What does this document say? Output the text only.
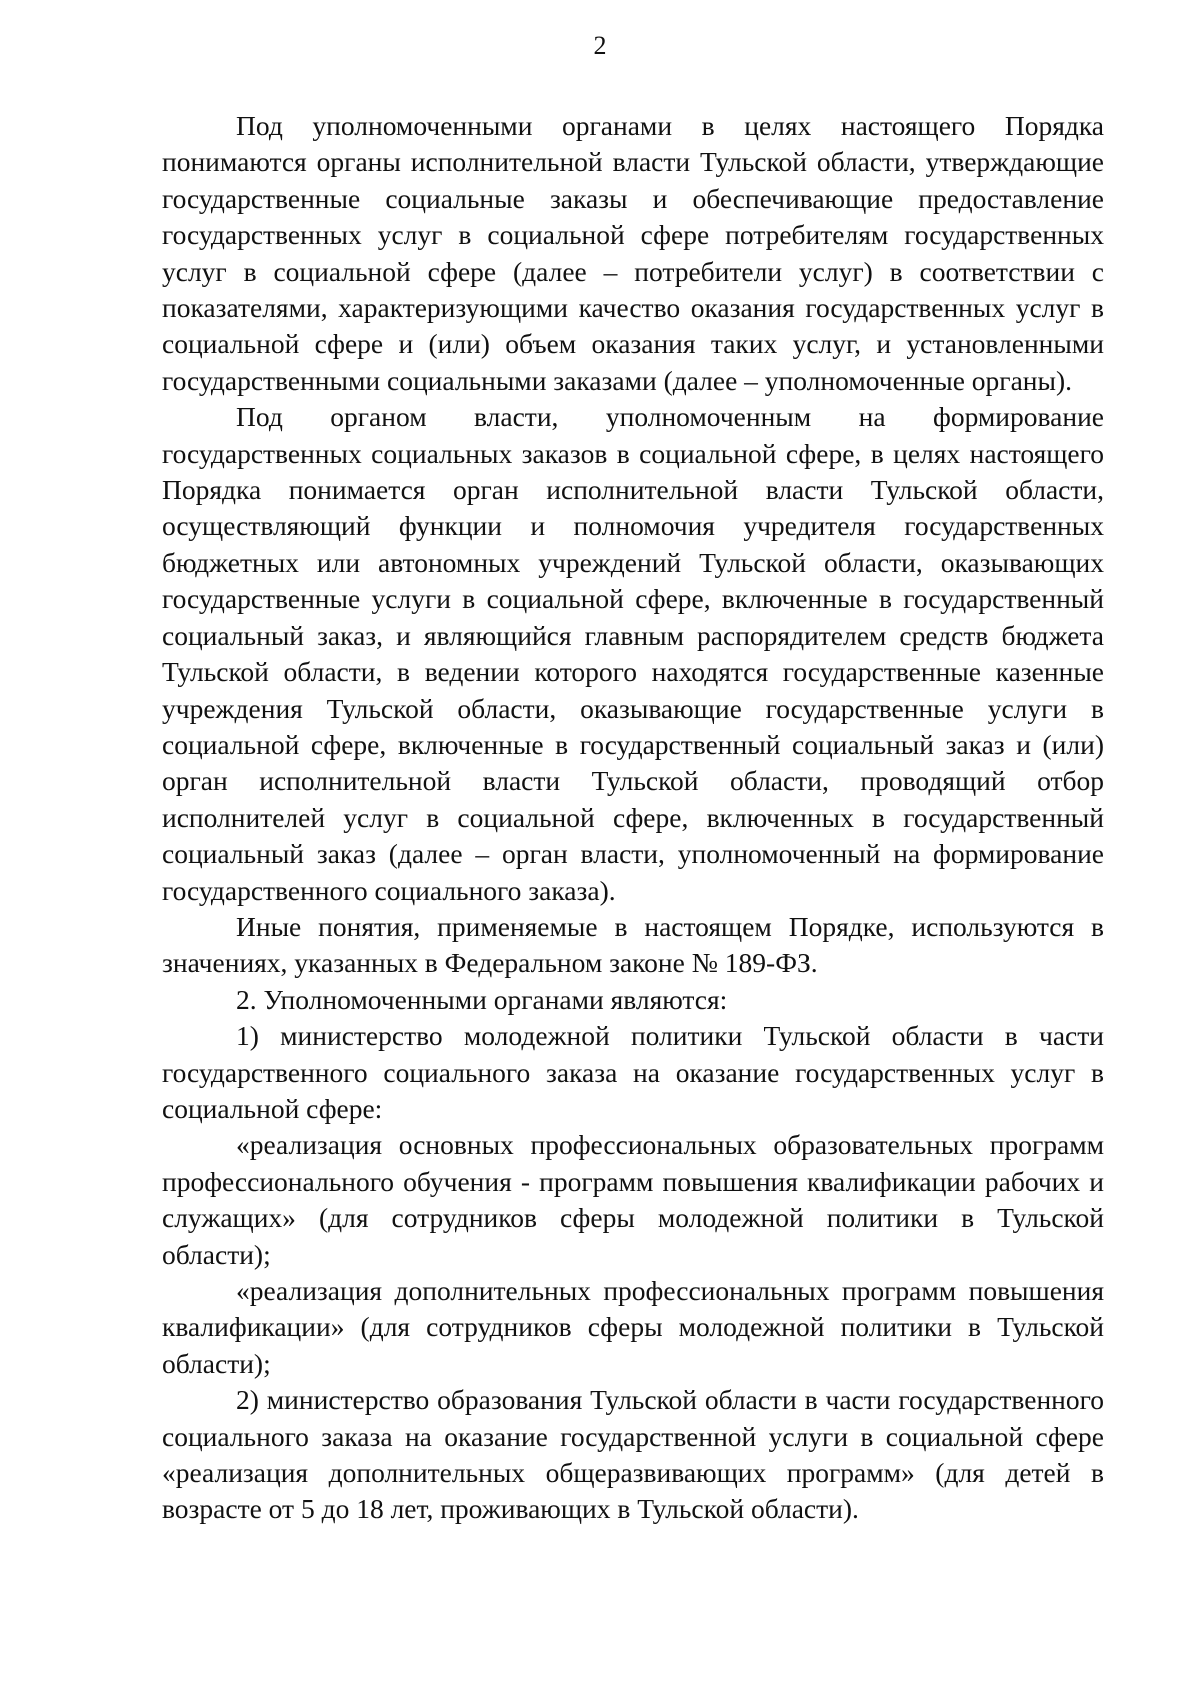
2

Под уполномоченными органами в целях настоящего Порядка понимаются органы исполнительной власти Тульской области, утверждающие государственные социальные заказы и обеспечивающие предоставление государственных услуг в социальной сфере потребителям государственных услуг в социальной сфере (далее – потребители услуг) в соответствии с показателями, характеризующими качество оказания государственных услуг в социальной сфере и (или) объем оказания таких услуг, и установленными государственными социальными заказами (далее – уполномоченные органы).

Под органом власти, уполномоченным на формирование государственных социальных заказов в социальной сфере, в целях настоящего Порядка понимается орган исполнительной власти Тульской области, осуществляющий функции и полномочия учредителя государственных бюджетных или автономных учреждений Тульской области, оказывающих государственные услуги в социальной сфере, включенные в государственный социальный заказ, и являющийся главным распорядителем средств бюджета Тульской области, в ведении которого находятся государственные казенные учреждения Тульской области, оказывающие государственные услуги в социальной сфере, включенные в государственный социальный заказ и (или) орган исполнительной власти Тульской области, проводящий отбор исполнителей услуг в социальной сфере, включенных в государственный социальный заказ (далее – орган власти, уполномоченный на формирование государственного социального заказа).

Иные понятия, применяемые в настоящем Порядке, используются в значениях, указанных в Федеральном законе № 189-ФЗ.

2. Уполномоченными органами являются:

1) министерство молодежной политики Тульской области в части государственного социального заказа на оказание государственных услуг в социальной сфере:

«реализация основных профессиональных образовательных программ профессионального обучения - программ повышения квалификации рабочих и служащих» (для сотрудников сферы молодежной политики в Тульской области);

«реализация дополнительных профессиональных программ повышения квалификации» (для сотрудников сферы молодежной политики в Тульской области);

2) министерство образования Тульской области в части государственного социального заказа на оказание государственной услуги в социальной сфере «реализация дополнительных общеразвивающих программ» (для детей в возрасте от 5 до 18 лет, проживающих в Тульской области).
